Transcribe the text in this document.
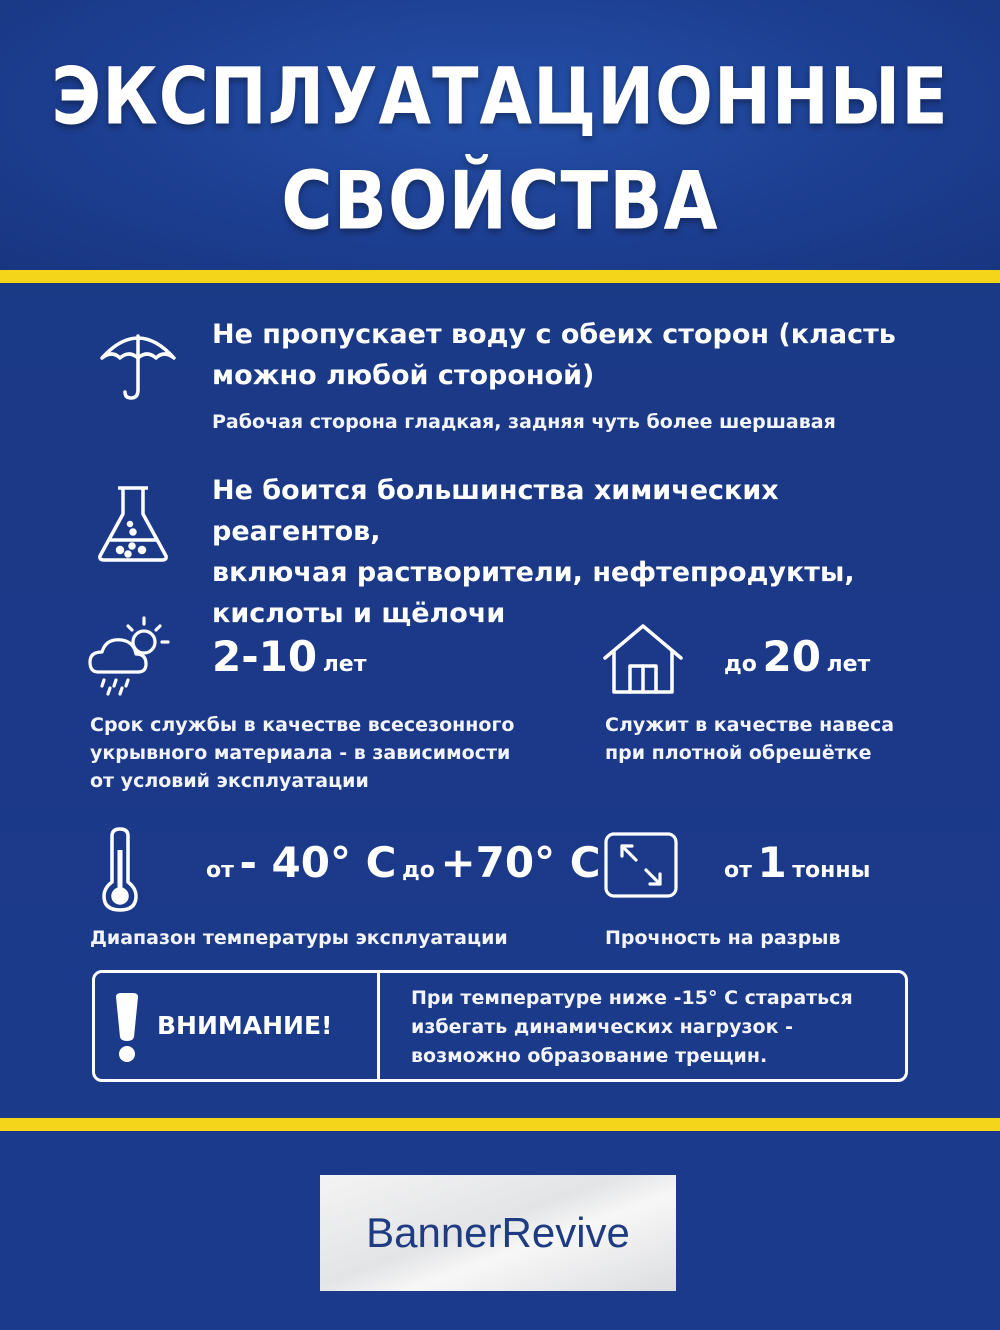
ЭКСПЛУАТАЦИОННЫЕ
СВОЙСТВА
Не пропускает воду с обеих сторон (класть
можно любой стороной)
Рабочая сторона гладкая, задняя чуть более шершавая
Не боится большинства химических реагентов,
включая растворители, нефтепродукты,
кислоты и щёлочи
2-10 лет
Срок службы в качестве всесезонного
укрывного материала - в зависимости
от условий эксплуатации
до 20 лет
Служит в качестве навеса
при плотной обрешётке
от - 40° С до +70° С
Диапазон температуры эксплуатации
от 1 тонны
Прочность на разрыв
ВНИМАНИЕ!
При температуре ниже -15° С стараться
избегать динамических нагрузок -
возможно образование трещин.
BannerRevive
